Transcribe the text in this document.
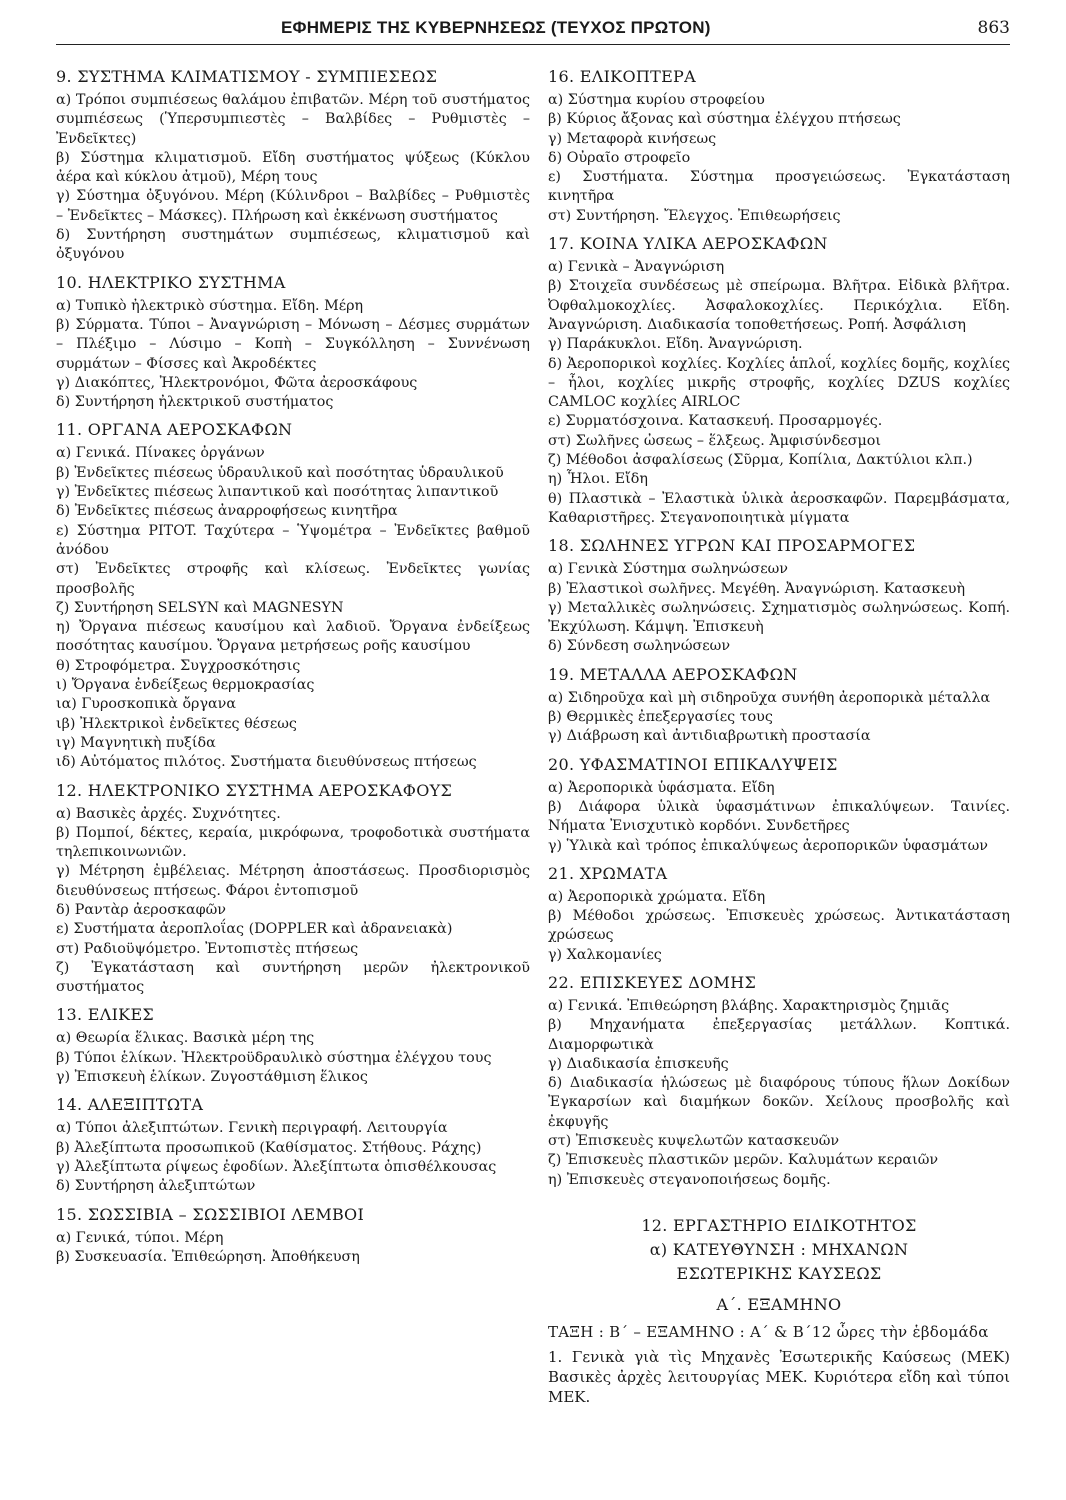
ΕΦΗΜΕΡΙΣ ΤΗΣ ΚΥΒΕΡΝΗΣΕΩΣ (ΤΕΥΧΟΣ ΠΡΩΤΟΝ)	863
9. ΣΥΣΤΗΜΑ ΚΛΙΜΑΤΙΣΜΟΥ - ΣΥΜΠΙΕΣΕΩΣ
α) Τρόποι συμπιέσεως θαλάμου ἐπιβατῶν. Μέρη τοῦ συστήματος συμπιέσεως (Ὑπερσυμπιεστὲς – Βαλβίδες – Ρυθμιστὲς – Ἐνδεῖκτες)
β) Σύστημα κλιματισμοῦ. Εἴδη συστήματος ψύξεως (Κύκλου ἀέρα καὶ κύκλου ἀτμοῦ), Μέρη τους
γ) Σύστημα ὀξυγόνου. Μέρη (Κύλινδροι – Βαλβίδες – Ρυθμιστὲς – Ἐνδεῖκτες – Μάσκες). Πλήρωση καὶ ἐκκένωση συστήματος
δ) Συντήρηση συστημάτων συμπιέσεως, κλιματισμοῦ καὶ ὀξυγόνου
10. ΗΛΕΚΤΡΙΚΟ ΣΥΣΤΗΜΑ
α) Τυπικὸ ἠλεκτρικὸ σύστημα. Εἴδη. Μέρη
β) Σύρματα. Τύποι – Ἀναγνώριση – Μόνωση – Δέσμες συρμάτων – Πλέξιμο – Λύσιμο – Κοπὴ – Συγκόλληση – Συννένωση συρμάτων – Φίσσες καὶ Ἀκροδέκτες
γ) Διακόπτες, Ἠλεκτρονόμοι, Φῶτα ἀεροσκάφους
δ) Συντήρηση ἠλεκτρικοῦ συστήματος
11. ΟΡΓΑΝΑ ΑΕΡΟΣΚΑΦΩΝ
α) Γενικά. Πίνακες ὀργάνων
β) Ἐνδεῖκτες πιέσεως ὑδραυλικοῦ καὶ ποσότητας ὑδραυλικοῦ
γ) Ἐνδεῖκτες πιέσεως λιπαντικοῦ καὶ ποσότητας λιπαντικοῦ
δ) Ἐνδεῖκτες πιέσεως ἀναρροφήσεως κινητῆρα
ε) Σύστημα PITOT. Ταχύτερα – Ὑψομέτρα – Ἐνδεῖκτες βαθμοῦ ἀνόδου
στ) Ἐνδεῖκτες στροφῆς καὶ κλίσεως. Ἐνδεῖκτες γωνίας προσβολῆς
ζ) Συντήρηση SELSYN καὶ MAGNESYN
η) Ὄργανα πιέσεως καυσίμου καὶ λαδιοῦ. Ὄργανα ἐνδείξεως ποσότητας καυσίμου. Ὄργανα μετρήσεως ροῆς καυσίμου
θ) Στροφόμετρα. Συγχροσκότησις
ι) Ὄργανα ἐνδείξεως θερμοκρασίας
ια) Γυροσκοπικὰ ὄργανα
ιβ) Ἠλεκτρικοὶ ἐνδεῖκτες θέσεως
ιγ) Μαγνητικὴ πυξίδα
ιδ) Αὐτόματος πιλότος. Συστήματα διευθύνσεως πτήσεως
12. ΗΛΕΚΤΡΟΝΙΚΟ ΣΥΣΤΗΜΑ ΑΕΡΟΣΚΑΦΟΥΣ
α) Βασικὲς ἀρχές. Συχνότητες.
β) Πομποί, δέκτες, κεραία, μικρόφωνα, τροφοδοτικὰ συστήματα τηλεπικοινωνιῶν.
γ) Μέτρηση ἐμβέλειας. Μέτρηση ἀποστάσεως. Προσδιορισμὸς διευθύνσεως πτήσεως. Φάροι ἐντοπισμοῦ
δ) Ραντὰρ ἀεροσκαφῶν
ε) Συστήματα ἀεροπλοΐας (DOPPLER καὶ ἀδρανειακὰ)
στ) Ραδιοϋψόμετρο. Ἐντοπιστὲς πτήσεως
ζ) Ἐγκατάσταση καὶ συντήρηση μερῶν ἠλεκτρονικοῦ συστήματος
13. ΕΛΙΚΕΣ
α) Θεωρία ἕλικας. Βασικὰ μέρη της
β) Τύποι ἑλίκων. Ἠλεκτροϋδραυλικὸ σύστημα ἐλέγχου τους
γ) Ἐπισκευὴ ἑλίκων. Ζυγοστάθμιση ἕλικος
14. ΑΛΕΞΙΠΤΩΤΑ
α) Τύποι ἀλεξιπτώτων. Γενικὴ περιγραφή. Λειτουργία
β) Ἀλεξίπτωτα προσωπικοῦ (Καθίσματος. Στήθους. Ράχης)
γ) Ἀλεξίπτωτα ρίψεως ἐφοδίων. Ἀλεξίπτωτα ὀπισθέλκουσας
δ) Συντήρηση ἀλεξιπτώτων
15. ΣΩΣΣΙΒΙΑ – ΣΩΣΣΙΒΙΟΙ ΛΕΜΒΟΙ
α) Γενικά, τύποι. Μέρη
β) Συσκευασία. Ἐπιθεώρηση. Ἀποθήκευση
16. ΕΛΙΚΟΠΤΕΡΑ
α) Σύστημα κυρίου στροφείου
β) Κύριος ἄξονας καὶ σύστημα ἐλέγχου πτήσεως
γ) Μεταφορὰ κινήσεως
δ) Οὐραῖο στροφεῖο
ε) Συστήματα. Σύστημα προσγειώσεως. Ἐγκατάσταση κινητῆρα
στ) Συντήρηση. Ἔλεγχος. Ἐπιθεωρήσεις
17. ΚΟΙΝΑ ΥΛΙΚΑ ΑΕΡΟΣΚΑΦΩΝ
α) Γενικὰ – Ἀναγνώριση
β) Στοιχεῖα συνδέσεως μὲ σπείρωμα. Βλῆτρα. Εἰδικὰ βλῆτρα. Ὀφθαλμοκοχλίες. Ἀσφαλοκοχλίες. Περικόχλια. Εἴδη. Ἀναγνώριση. Διαδικασία τοποθετήσεως. Ροπή. Ἀσφάλιση
γ) Παράκυκλοι. Εἴδη. Ἀναγνώριση.
δ) Ἀεροπορικοὶ κοχλίες. Κοχλίες ἁπλοΐ, κοχλίες δομῆς, κοχλίες – ἧλοι, κοχλίες μικρῆς στροφῆς, κοχλίες DZUS κοχλίες CAMLOC κοχλίες AIRLOC
ε) Συρματόσχοινα. Κατασκευή. Προσαρμογές.
στ) Σωλῆνες ὠσεως – ἕλξεως. Ἀμφισύνδεσμοι
ζ) Μέθοδοι ἀσφαλίσεως (Σῦρμα, Κοπίλια, Δακτύλιοι κλπ.)
η) Ἧλοι. Εἴδη
θ) Πλαστικὰ – Ἐλαστικὰ ὑλικὰ ἀεροσκαφῶν. Παρεμβάσματα, Καθαριστῆρες. Στεγανοποιητικὰ μίγματα
18. ΣΩΛΗΝΕΣ ΥΓΡΩΝ ΚΑΙ ΠΡΟΣΑΡΜΟΓΕΣ
α) Γενικὰ Σύστημα σωληνώσεων
β) Ἐλαστικοὶ σωλῆνες. Μεγέθη. Ἀναγνώριση. Κατασκευὴ
γ) Μεταλλικὲς σωληνώσεις. Σχηματισμὸς σωληνώσεως. Κοπή. Ἐκχύλωση. Κάμψη. Ἐπισκευὴ
δ) Σύνδεση σωληνώσεων
19. ΜΕΤΑΛΛΑ ΑΕΡΟΣΚΑΦΩΝ
α) Σιδηροῦχα καὶ μὴ σιδηροῦχα συνήθη ἀεροπορικὰ μέταλλα
β) Θερμικὲς ἐπεξεργασίες τους
γ) Διάβρωση καὶ ἀντιδιαβρωτικὴ προστασία
20. ΥΦΑΣΜΑΤΙΝΟΙ ΕΠΙΚΑΛΥΨΕΙΣ
α) Ἀεροπορικὰ ὑφάσματα. Εἴδη
β) Διάφορα ὑλικὰ ὑφασμάτινων ἐπικαλύψεων. Ταινίες. Νήματα Ἐνισχυτικὸ κορδόνι. Συνδετῆρες
γ) Ὑλικὰ καὶ τρόπος ἐπικαλύψεως ἀεροπορικῶν ὑφασμάτων
21. ΧΡΩΜΑΤΑ
α) Ἀεροπορικὰ χρώματα. Εἴδη
β) Μέθοδοι χρώσεως. Ἐπισκευὲς χρώσεως. Ἀντικατάσταση χρώσεως
γ) Χαλκομανίες
22. ΕΠΙΣΚΕΥΕΣ ΔΟΜΗΣ
α) Γενικά. Ἐπιθεώρηση βλάβης. Χαρακτηρισμὸς ζημιᾶς
β) Μηχανήματα ἐπεξεργασίας μετάλλων. Κοπτικά. Διαμορφωτικὰ
γ) Διαδικασία ἐπισκευῆς
δ) Διαδικασία ἡλώσεως μὲ διαφόρους τύπους ἥλων Δοκίδων Ἐγκαρσίων καὶ διαμήκων δοκῶν. Χείλους προσβολῆς καὶ ἐκφυγῆς
στ) Ἐπισκευὲς κυψελωτῶν κατασκευῶν
ζ) Ἐπισκευὲς πλαστικῶν μερῶν. Καλυμάτων κεραιῶν
η) Ἐπισκευὲς στεγανοποιήσεως δομῆς.
12. ΕΡΓΑΣΤΗΡΙΟ ΕΙΔΙΚΟΤΗΤΟΣ
α) ΚΑΤΕΥΘΥΝΣΗ : ΜΗΧΑΝΩΝ
ΕΣΩΤΕΡΙΚΗΣ ΚΑΥΣΕΩΣ
Α΄. ΕΞΑΜΗΝΟ
ΤΑΞΗ : Β΄ – ΕΞΑΜΗΝΟ : Α΄ & Β΄12 ὧρες τὴν ἑβδομάδα
1. Γενικὰ γιὰ τὶς Μηχανὲς Ἐσωτερικῆς Καύσεως (ΜΕΚ) Βασικὲς ἀρχὲς λειτουργίας ΜΕΚ. Κυριότερα εἴδη καὶ τύποι ΜΕΚ.
